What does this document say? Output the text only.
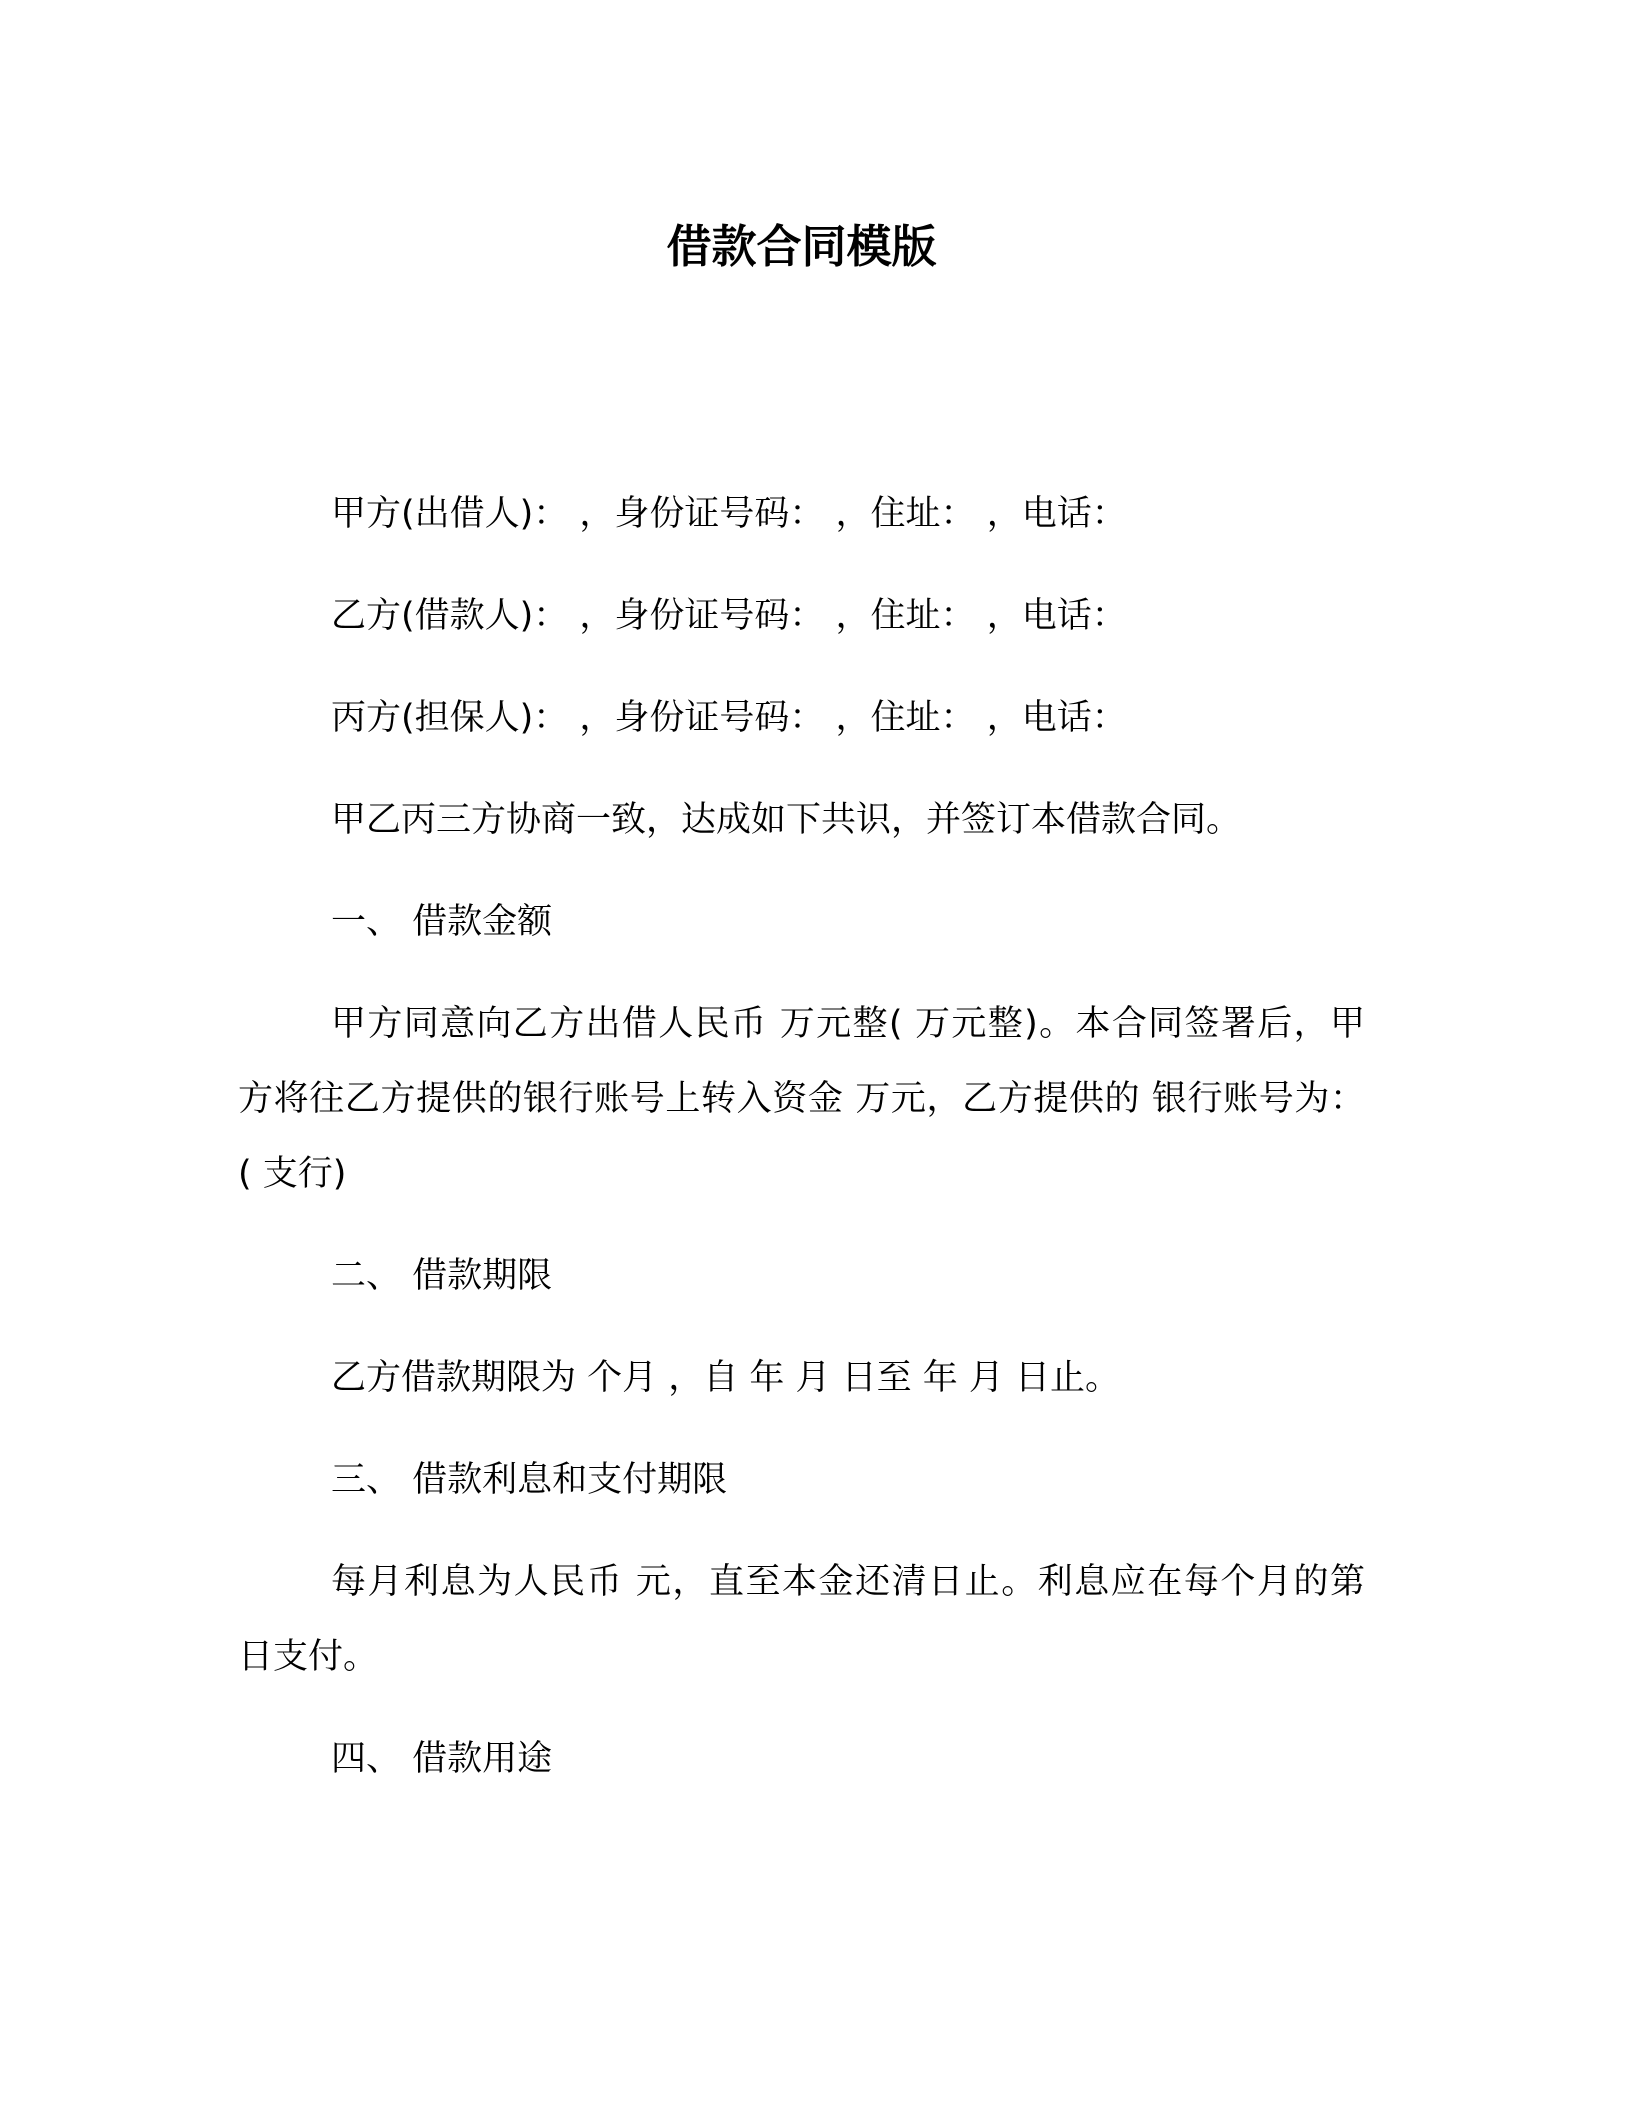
借款合同模版

甲方(出借人)： ，身份证号码： ，住址： ，电话：

乙方(借款人)： ，身份证号码： ，住址： ，电话：

丙方(担保人)： ，身份证号码： ，住址： ，电话：

甲乙丙三方协商一致，达成如下共识，并签订本借款合同。

一、 借款金额

甲方同意向乙方出借人民币 万元整( 万元整)。本合同签署后，甲
方将往乙方提供的银行账号上转入资金 万元，乙方提供的 银行账号为：
( 支行)

二、 借款期限

乙方借款期限为 个月 ，自 年 月 日至 年 月 日止。

三、 借款利息和支付期限

每月利息为人民币 元，直至本金还清日止。利息应在每个月的第
日支付。

四、 借款用途
